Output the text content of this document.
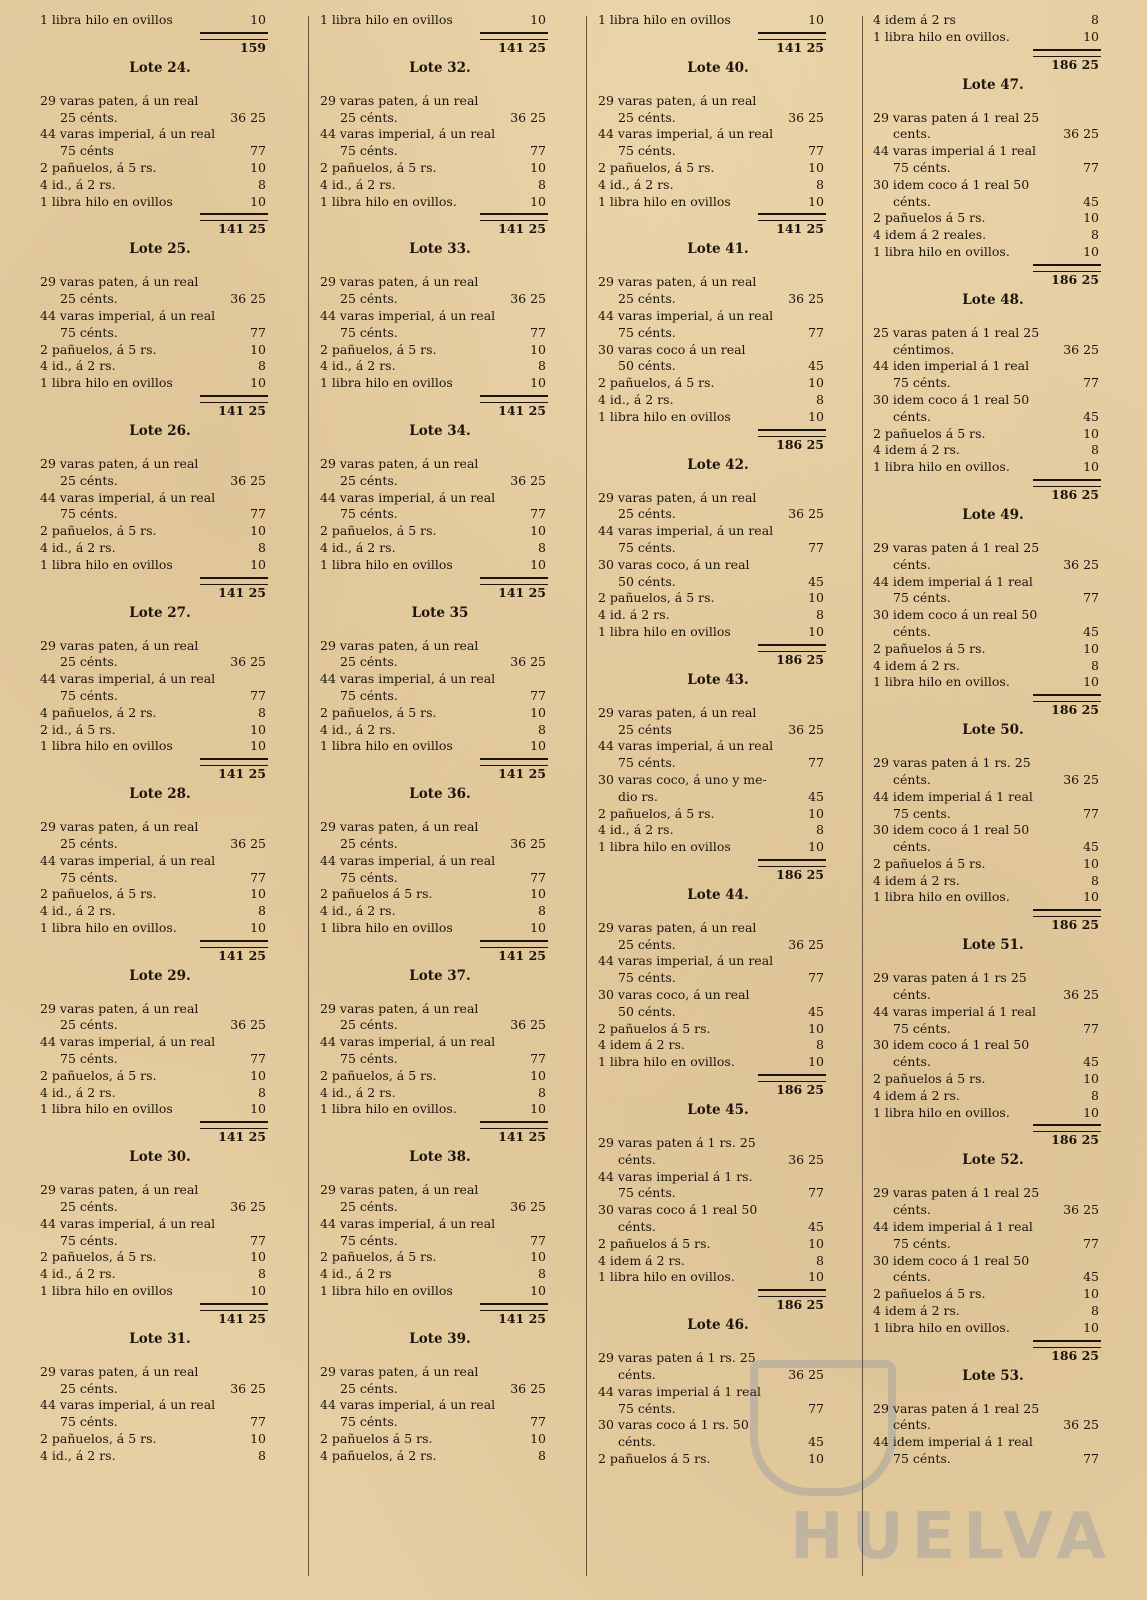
1 libra hilo en ovillos	10
159
Lote 24.
29 varas paten, á un real
25 cénts.	36 25
44 varas imperial, á un real
75 cénts	77
2 pañuelos, á 5 rs.	10
4 id., á 2 rs.	8
1 libra hilo en ovillos	10
141 25
Lote 25.
29 varas paten, á un real
25 cénts.	36 25
44 varas imperial, á un real
75 cénts.	77
2 pañuelos, á 5 rs.	10
4 id., á 2 rs.	8
1 libra hilo en ovillos	10
141 25
Lote 26.
29 varas paten, á un real
25 cénts.	36 25
44 varas imperial, á un real
75 cénts.	77
2 pañuelos, á 5 rs.	10
4 id., á 2 rs.	8
1 libra hilo en ovillos	10
141 25
Lote 27.
29 varas paten, á un real
25 cénts.	36 25
44 varas imperial, á un real
75 cénts.	77
4 pañuelos, á 2 rs.	8
2 id., á 5 rs.	10
1 libra hilo en ovillos	10
141 25
Lote 28.
29 varas paten, á un real
25 cénts.	36 25
44 varas imperial, á un real
75 cénts.	77
2 pañuelos, á 5 rs.	10
4 id., á 2 rs.	8
1 libra hilo en ovillos.	10
141 25
Lote 29.
29 varas paten, á un real
25 cénts.	36 25
44 varas imperial, á un real
75 cénts.	77
2 pañuelos, á 5 rs.	10
4 id., á 2 rs.	8
1 libra hilo en ovillos	10
141 25
Lote 30.
29 varas paten, á un real
25 cénts.	36 25
44 varas imperial, á un real
75 cénts.	77
2 pañuelos, á 5 rs.	10
4 id., á 2 rs.	8
1 libra hilo en ovillos	10
141 25
Lote 31.
29 varas paten, á un real
25 cénts.	36 25
44 varas imperial, á un real
75 cénts.	77
2 pañuelos, á 5 rs.	10
4 id., á 2 rs.	8
1 libra hilo en ovillos	10
141 25
Lote 32.
29 varas paten, á un real
25 cénts.	36 25
44 varas imperial, á un real
75 cénts.	77
2 pañuelos, á 5 rs.	10
4 id., á 2 rs.	8
1 libra hilo en ovillos.	10
141 25
Lote 33.
29 varas paten, á un real
25 cénts.	36 25
44 varas imperial, á un real
75 cénts.	77
2 pañuelos, á 5 rs.	10
4 id., á 2 rs.	8
1 libra hilo en ovillos	10
141 25
Lote 34.
29 varas paten, á un real
25 cénts.	36 25
44 varas imperial, á un real
75 cénts.	77
2 pañuelos, á 5 rs.	10
4 id., á 2 rs.	8
1 libra hilo en ovillos	10
141 25
Lote 35
29 varas paten, á un real
25 cénts.	36 25
44 varas imperial, á un real
75 cénts.	77
2 pañuelos, á 5 rs.	10
4 id., á 2 rs.	8
1 libra hilo en ovillos	10
141 25
Lote 36.
29 varas paten, á un real
25 cénts.	36 25
44 varas imperial, á un real
75 cénts.	77
2 pañuelos á 5 rs.	10
4 id., á 2 rs.	8
1 libra hilo en ovillos	10
141 25
Lote 37.
29 varas paten, á un real
25 cénts.	36 25
44 varas imperial, á un real
75 cénts.	77
2 pañuelos, á 5 rs.	10
4 id., á 2 rs.	8
1 libra hilo en ovillos.	10
141 25
Lote 38.
29 varas paten, á un real
25 cénts.	36 25
44 varas imperial, á un real
75 cénts.	77
2 pañuelos, á 5 rs.	10
4 id., á 2 rs	8
1 libra hilo en ovillos	10
141 25
Lote 39.
29 varas paten, á un real
25 cénts.	36 25
44 varas imperial, á un real
75 cénts.	77
2 pañuelos á 5 rs.	10
4 pañuelos, á 2 rs.	8
1 libra hilo en ovillos	10
141 25
Lote 40.
29 varas paten, á un real
25 cénts.	36 25
44 varas imperial, á un real
75 cénts.	77
2 pañuelos, á 5 rs.	10
4 id., á 2 rs.	8
1 libra hilo en ovillos	10
141 25
Lote 41.
29 varas paten, á un real
25 cénts.	36 25
44 varas imperial, á un real
75 cénts.	77
30 varas coco á un real
50 cénts.	45
2 pañuelos, á 5 rs.	10
4 id., á 2 rs.	8
1 libra hilo en ovillos	10
186 25
Lote 42.
29 varas paten, á un real
25 cénts.	36 25
44 varas imperial, á un real
75 cénts.	77
30 varas coco, á un real
50 cénts.	45
2 pañuelos, á 5 rs.	10
4 id. á 2 rs.	8
1 libra hilo en ovillos	10
186 25
Lote 43.
29 varas paten, á un real
25 cénts	36 25
44 varas imperial, á un real
75 cénts.	77
30 varas coco, á uno y me-
dio rs.	45
2 pañuelos, á 5 rs.	10
4 id., á 2 rs.	8
1 libra hilo en ovillos	10
186 25
Lote 44.
29 varas paten, á un real
25 cénts.	36 25
44 varas imperial, á un real
75 cénts.	77
30 varas coco, á un real
50 cénts.	45
2 pañuelos á 5 rs.	10
4 idem á 2 rs.	8
1 libra hilo en ovillos.	10
186 25
Lote 45.
29 varas paten á 1 rs. 25
cénts.	36 25
44 varas imperial á 1 rs.
75 cénts.	77
30 varas coco á 1 real 50
cénts.	45
2 pañuelos á 5 rs.	10
4 idem á 2 rs.	8
1 libra hilo en ovillos.	10
186 25
Lote 46.
29 varas paten á 1 rs. 25
cénts.	36 25
44 varas imperial á 1 real
75 cénts.	77
30 varas coco á 1 rs. 50
cénts.	45
2 pañuelos á 5 rs.	10
4 idem á 2 rs	8
1 libra hilo en ovillos.	10
186 25
Lote 47.
29 varas paten á 1 real 25
cents.	36 25
44 varas imperial á 1 real
75 cénts.	77
30 idem coco á 1 real 50
cénts.	45
2 pañuelos á 5 rs.	10
4 idem á 2 reales.	8
1 libra hilo en ovillos.	10
186 25
Lote 48.
25 varas paten á 1 real 25
céntimos.	36 25
44 iden imperial á 1 real
75 cénts.	77
30 idem coco á 1 real 50
cénts.	45
2 pañuelos á 5 rs.	10
4 idem á 2 rs.	8
1 libra hilo en ovillos.	10
186 25
Lote 49.
29 varas paten á 1 real 25
cénts.	36 25
44 idem imperial á 1 real
75 cénts.	77
30 idem coco á un real 50
cénts.	45
2 pañuelos á 5 rs.	10
4 idem á 2 rs.	8
1 libra hilo en ovillos.	10
186 25
Lote 50.
29 varas paten á 1 rs. 25
cénts.	36 25
44 idem imperial á 1 real
75 cents.	77
30 idem coco á 1 real 50
cénts.	45
2 pañuelos á 5 rs.	10
4 idem á 2 rs.	8
1 libra hilo en ovillos.	10
186 25
Lote 51.
29 varas paten á 1 rs 25
cénts.	36 25
44 varas imperial á 1 real
75 cénts.	77
30 idem coco á 1 real 50
cénts.	45
2 pañuelos á 5 rs.	10
4 idem á 2 rs.	8
1 libra hilo en ovillos.	10
186 25
Lote 52.
29 varas paten á 1 real 25
cénts.	36 25
44 idem imperial á 1 real
75 cénts.	77
30 idem coco á 1 real 50
cénts.	45
2 pañuelos á 5 rs.	10
4 idem á 2 rs.	8
1 libra hilo en ovillos.	10
186 25
Lote 53.
29 varas paten á 1 real 25
cénts.	36 25
44 idem imperial á 1 real
75 cénts.	77
HUELVA
